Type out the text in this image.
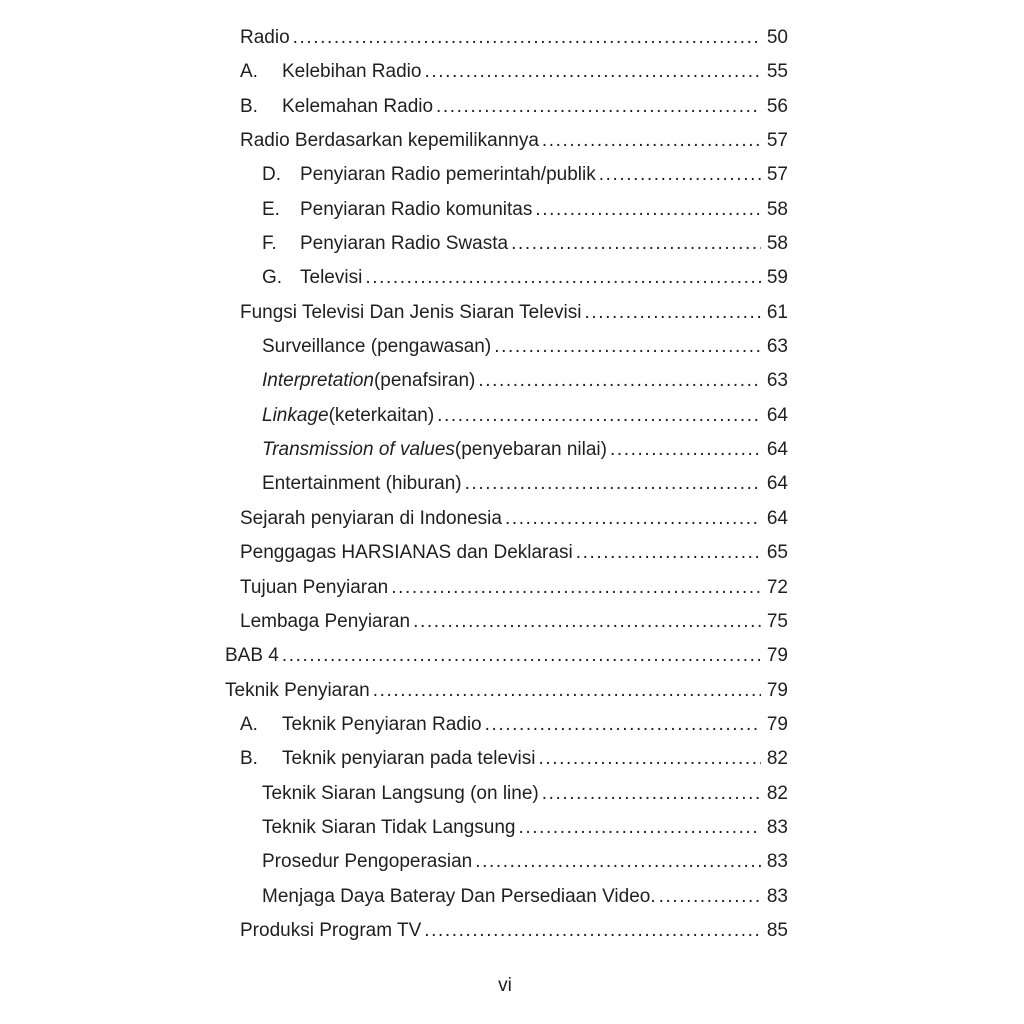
Radio .....	50
A.	Kelebihan Radio .....	55
B.	Kelemahan Radio .....	56
Radio Berdasarkan kepemilikannya .....	57
D.	Penyiaran Radio pemerintah/publik .....	57
E.	Penyiaran Radio komunitas .....	58
F.	Penyiaran Radio Swasta .....	58
G. Televisi .....	59
Fungsi Televisi Dan Jenis Siaran Televisi .....	61
Surveillance (pengawasan) .....	63
Interpretation (penafsiran) .....	63
Linkage (keterkaitan) .....	64
Transmission of values (penyebaran nilai) .....	64
Entertainment (hiburan) .....	64
Sejarah penyiaran di Indonesia .....	64
Penggagas HARSIANAS dan Deklarasi .....	65
Tujuan Penyiaran .....	72
Lembaga Penyiaran .....	75
BAB 4 .....	79
Teknik Penyiaran .....	79
A.	Teknik Penyiaran Radio .....	79
B.	Teknik penyiaran pada televisi .....	82
Teknik Siaran Langsung (on line) .....	82
Teknik Siaran Tidak Langsung .....	83
Prosedur Pengoperasian .....	83
Menjaga Daya Bateray Dan Persediaan Video. .....	83
Produksi Program TV .....	85
vi
